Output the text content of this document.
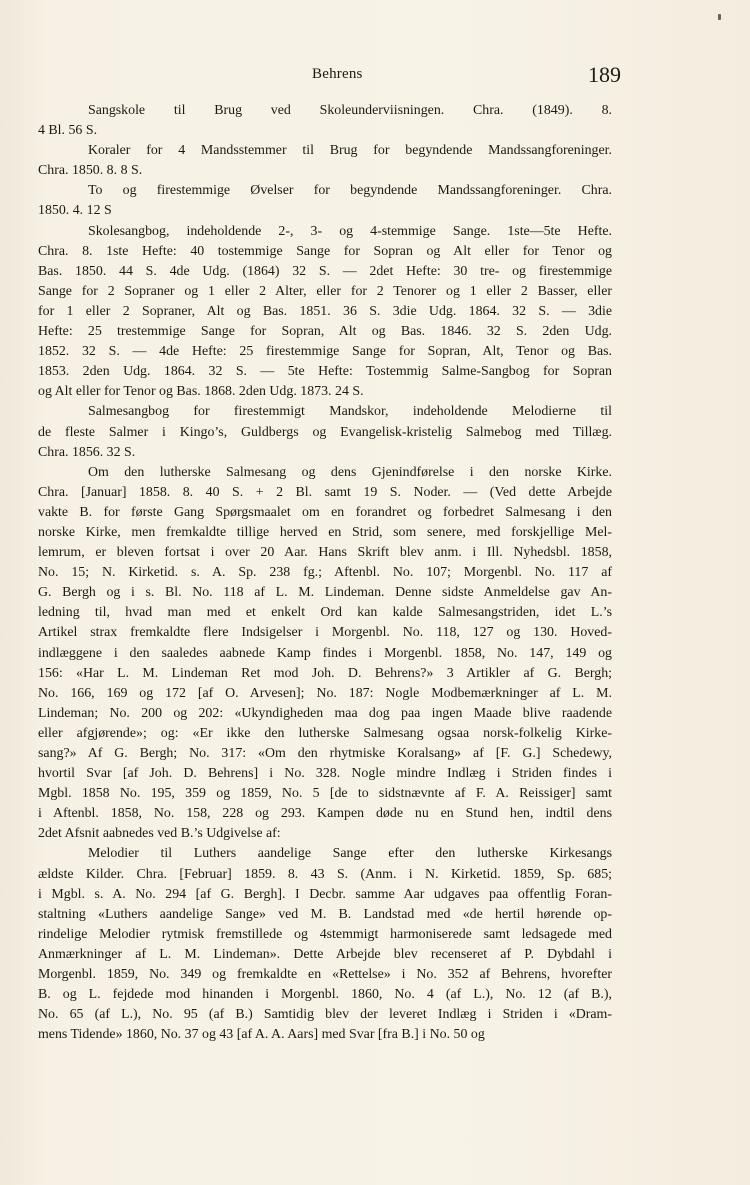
Behrens	189
Sangskole til Brug ved Skoleunderviisningen. Chra. (1849). 8.
4 Bl. 56 S.
Koraler for 4 Mandsstemmer til Brug for begyndende Mandssangforeninger.
Chra. 1850. 8. 8 S.
To og firestemmige Øvelser for begyndende Mandssangforeninger. Chra.
1850. 4. 12 S
Skolesangbog, indeholdende 2-, 3- og 4-stemmige Sange. 1ste—5te Hefte.
Chra. 8. 1ste Hefte: 40 tostemmige Sange for Sopran og Alt eller for Tenor og
Bas. 1850. 44 S. 4de Udg. (1864) 32 S. — 2det Hefte: 30 tre- og firestemmige
Sange for 2 Sopraner og 1 eller 2 Alter, eller for 2 Tenorer og 1 eller 2 Basser, eller
for 1 eller 2 Sopraner, Alt og Bas. 1851. 36 S. 3die Udg. 1864. 32 S. — 3die
Hefte: 25 trestemmige Sange for Sopran, Alt og Bas. 1846. 32 S. 2den Udg.
1852. 32 S. — 4de Hefte: 25 firestemmige Sange for Sopran, Alt, Tenor og Bas.
1853. 2den Udg. 1864. 32 S. — 5te Hefte: Tostemmig Salme-Sangbog for Sopran
og Alt eller for Tenor og Bas. 1868. 2den Udg. 1873. 24 S.
Salmesangbog for firestemmigt Mandskor, indeholdende Melodierne til
de fleste Salmer i Kingo’s, Guldbergs og Evangelisk-kristelig Salmebog med Tillæg.
Chra. 1856. 32 S.
Om den lutherske Salmesang og dens Gjenindførelse i den norske Kirke.
Chra. [Januar] 1858. 8. 40 S. + 2 Bl. samt 19 S. Noder. — (Ved dette Arbejde
vakte B. for første Gang Spørgsmaalet om en forandret og forbedret Salmesang i den
norske Kirke, men fremkaldte tillige herved en Strid, som senere, med forskjellige Mel-
lemrum, er bleven fortsat i over 20 Aar. Hans Skrift blev anm. i Ill. Nyhedsbl. 1858,
No. 15; N. Kirketid. s. A. Sp. 238 fg.; Aftenbl. No. 107; Morgenbl. No. 117 af
G. Bergh og i s. Bl. No. 118 af L. M. Lindeman. Denne sidste Anmeldelse gav An-
ledning til, hvad man med et enkelt Ord kan kalde Salmesangstriden, idet L.’s
Artikel strax fremkaldte flere Indsigelser i Morgenbl. No. 118, 127 og 130. Hoved-
indlæggene i den saaledes aabnede Kamp findes i Morgenbl. 1858, No. 147, 149 og
156: «Har L. M. Lindeman Ret mod Joh. D. Behrens?» 3 Artikler af G. Bergh;
No. 166, 169 og 172 [af O. Arvesen]; No. 187: Nogle Modbemærkninger af L. M.
Lindeman; No. 200 og 202: «Ukyndigheden maa dog paa ingen Maade blive raadende
eller afgjørende»; og: «Er ikke den lutherske Salmesang ogsaa norsk-folkelig Kirke-
sang?» Af G. Bergh; No. 317: «Om den rhytmiske Koralsang» af [F. G.] Schedewy,
hvortil Svar [af Joh. D. Behrens] i No. 328. Nogle mindre Indlæg i Striden findes i
Mgbl. 1858 No. 195, 359 og 1859, No. 5 [de to sidstnævnte af F. A. Reissiger] samt
i Aftenbl. 1858, No. 158, 228 og 293. Kampen døde nu en Stund hen, indtil dens
2det Afsnit aabnedes ved B.’s Udgivelse af:
Melodier til Luthers aandelige Sange efter den lutherske Kirkesangs
ældste Kilder. Chra. [Februar] 1859. 8. 43 S. (Anm. i N. Kirketid. 1859, Sp. 685;
i Mgbl. s. A. No. 294 [af G. Bergh]. I Decbr. samme Aar udgaves paa offentlig Foran-
staltning «Luthers aandelige Sange» ved M. B. Landstad med «de hertil hørende op-
rindelige Melodier rytmisk fremstillede og 4stemmigt harmoniserede samt ledsagede med
Anmærkninger af L. M. Lindeman». Dette Arbejde blev recenseret af P. Dybdahl i
Morgenbl. 1859, No. 349 og fremkaldte en «Rettelse» i No. 352 af Behrens, hvorefter
B. og L. fejdede mod hinanden i Morgenbl. 1860, No. 4 (af L.), No. 12 (af B.),
No. 65 (af L.), No. 95 (af B.) Samtidig blev der leveret Indlæg i Striden i «Dram-
mens Tidende» 1860, No. 37 og 43 [af A. A. Aars] med Svar [fra B.] i No. 50 og
